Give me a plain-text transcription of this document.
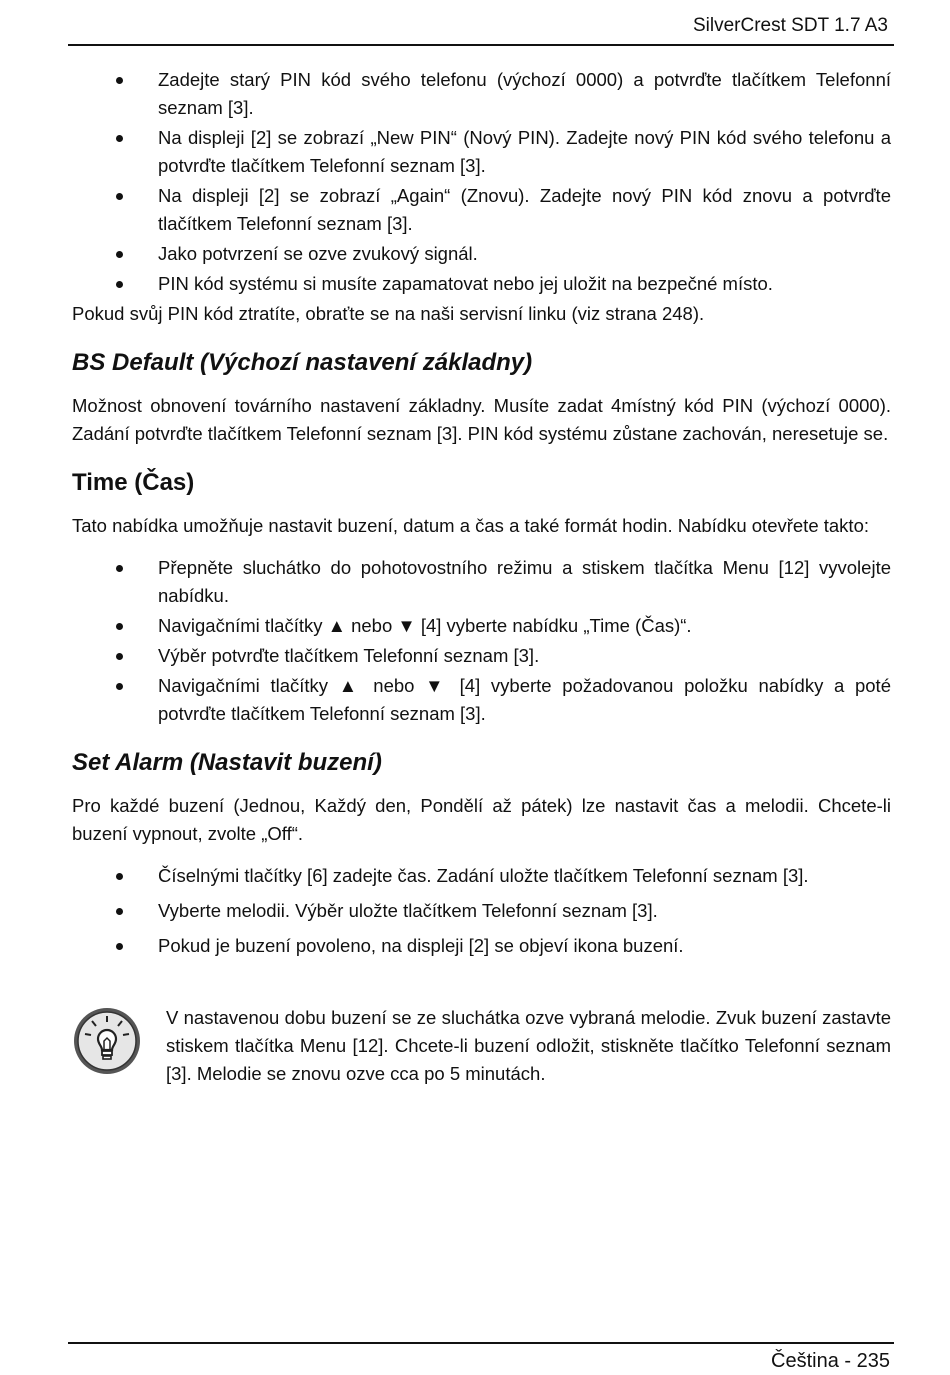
SilverCrest SDT 1.7 A3
Zadejte starý PIN kód svého telefonu (výchozí 0000) a potvrďte tlačítkem Telefonní seznam [3].
Na displeji [2] se zobrazí „New PIN“ (Nový PIN). Zadejte nový PIN kód svého telefonu a potvrďte tlačítkem Telefonní seznam [3].
Na displeji [2] se zobrazí „Again“ (Znovu). Zadejte nový PIN kód znovu a potvrďte tlačítkem Telefonní seznam [3].
Jako potvrzení se ozve zvukový signál.
PIN kód systému si musíte zapamatovat nebo jej uložit na bezpečné místo.

Pokud svůj PIN kód ztratíte, obraťte se na naši servisní linku (viz strana 248).

BS Default (Výchozí nastavení základny)

Možnost obnovení továrního nastavení základny. Musíte zadat 4místný kód PIN (výchozí 0000). Zadání potvrďte tlačítkem Telefonní seznam [3]. PIN kód systému zůstane zachován, neresetuje se.

Time (Čas)

Tato nabídka umožňuje nastavit buzení, datum a čas a také formát hodin. Nabídku otevřete takto:

Přepněte sluchátko do pohotovostního režimu a stiskem tlačítka Menu [12] vyvolejte nabídku.
Navigačními tlačítky ▲ nebo ▼ [4] vyberte nabídku „Time (Čas)“.
Výběr potvrďte tlačítkem Telefonní seznam [3].
Navigačními tlačítky ▲ nebo ▼ [4] vyberte požadovanou položku nabídky a poté potvrďte tlačítkem Telefonní seznam [3].
Set Alarm (Nastavit buzení)

Pro každé buzení (Jednou, Každý den, Pondělí až pátek) lze nastavit čas a melodii. Chcete-li buzení vypnout, zvolte „Off“.

Číselnými tlačítky [6] zadejte čas. Zadání uložte tlačítkem Telefonní seznam [3].
Vyberte melodii. Výběr uložte tlačítkem Telefonní seznam [3].
Pokud je buzení povoleno, na displeji [2] se objeví ikona buzení.

V nastavenou dobu buzení se ze sluchátka ozve vybraná melodie. Zvuk buzení zastavte stiskem tlačítka Menu [12]. Chcete-li buzení odložit, stiskněte tlačítko Telefonní seznam [3]. Melodie se znovu ozve cca po 5 minutách.

Čeština - 235
